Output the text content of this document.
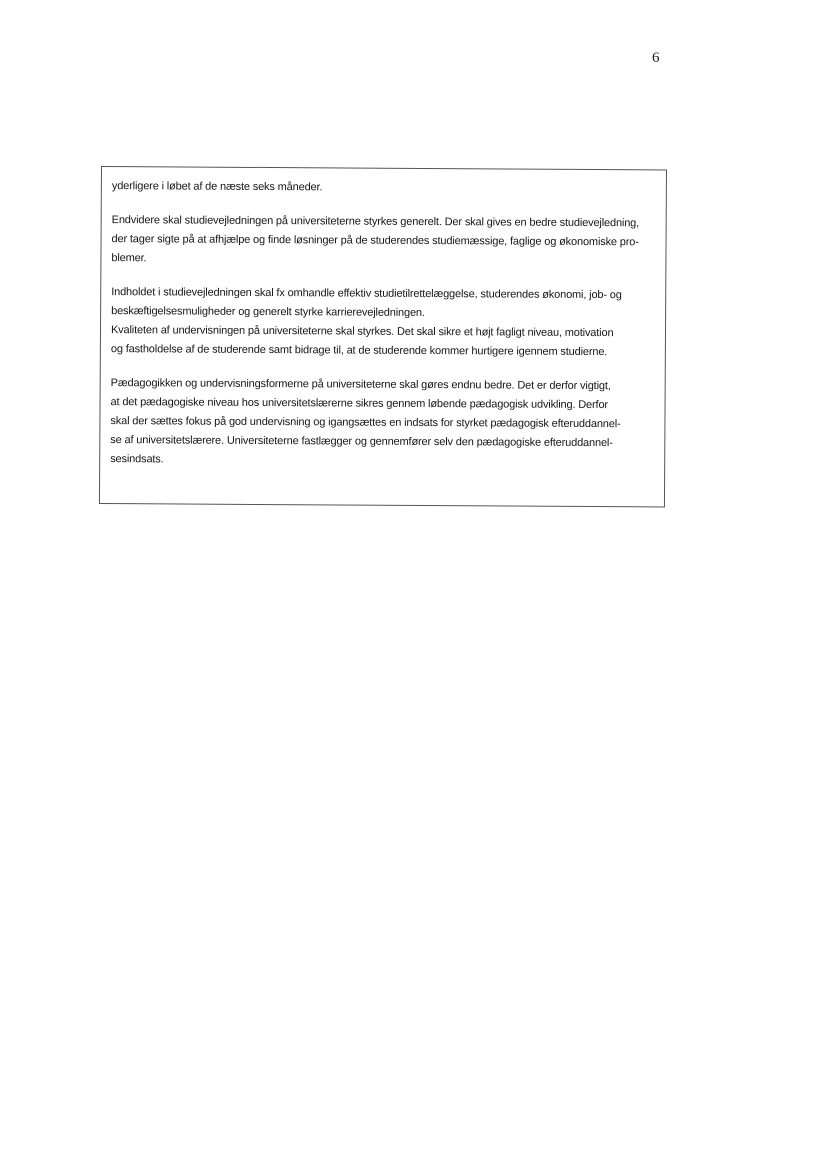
6

yderligere i løbet af de næste seks måneder.

Endvidere skal studievejledningen på universiteterne styrkes generelt. Der skal gives en bedre studievejledning,
der tager sigte på at afhjælpe og finde løsninger på de studerendes studiemæssige, faglige og økonomiske pro-
blemer.

Indholdet i studievejledningen skal fx omhandle effektiv studietilrettelæggelse, studerendes økonomi, job- og
beskæftigelsesmuligheder og generelt styrke karrierevejledningen.

Kvaliteten af undervisningen på universiteterne skal styrkes. Det skal sikre et højt fagligt niveau, motivation
og fastholdelse af de studerende samt bidrage til, at de studerende kommer hurtigere igennem studierne.

Pædagogikken og undervisningsformerne på universiteterne skal gøres endnu bedre. Det er derfor vigtigt,
at det pædagogiske niveau hos universitetslærerne sikres gennem løbende pædagogisk udvikling. Derfor
skal der sættes fokus på god undervisning og igangsættes en indsats for styrket pædagogisk efteruddannel-
se af universitetslærere. Universiteterne fastlægger og gennemfører selv den pædagogiske efteruddannel-
sesindsats.
